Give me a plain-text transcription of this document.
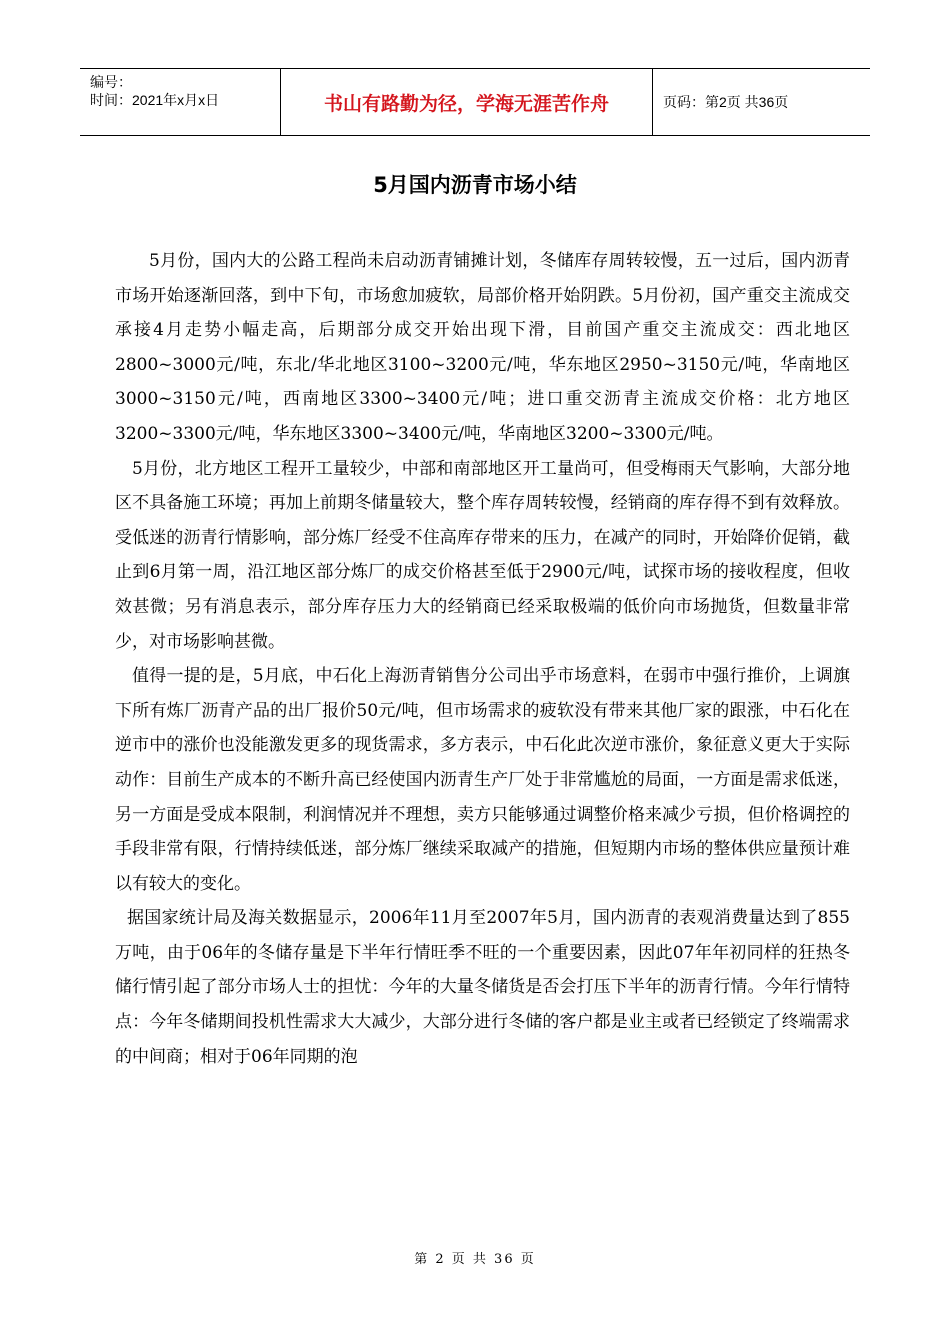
编号：
时间：2021年x月x日	书山有路勤为径，学海无涯苦作舟	页码：第2页 共36页
5月国内沥青市场小结

5月份，国内大的公路工程尚未启动沥青铺摊计划，冬储库存周转较慢，五一过后，国内沥青市场开始逐渐回落，到中下旬，市场愈加疲软，局部价格开始阴跌。5月份初，国产重交主流成交承接4月走势小幅走高，后期部分成交开始出现下滑，目前国产重交主流成交：西北地区2800~3000元/吨，东北/华北地区3100~3200元/吨，华东地区2950~3150元/吨，华南地区3000~3150元/吨，西南地区3300~3400元/吨；进口重交沥青主流成交价格：北方地区3200~3300元/吨，华东地区3300~3400元/吨，华南地区3200~3300元/吨。

5月份，北方地区工程开工量较少，中部和南部地区开工量尚可，但受梅雨天气影响，大部分地区不具备施工环境；再加上前期冬储量较大，整个库存周转较慢，经销商的库存得不到有效释放。受低迷的沥青行情影响，部分炼厂经受不住高库存带来的压力，在减产的同时，开始降价促销，截止到6月第一周，沿江地区部分炼厂的成交价格甚至低于2900元/吨，试探市场的接收程度，但收效甚微；另有消息表示，部分库存压力大的经销商已经采取极端的低价向市场抛货，但数量非常少，对市场影响甚微。

值得一提的是，5月底，中石化上海沥青销售分公司出乎市场意料，在弱市中强行推价，上调旗下所有炼厂沥青产品的出厂报价50元/吨，但市场需求的疲软没有带来其他厂家的跟涨，中石化在逆市中的涨价也没能激发更多的现货需求，多方表示，中石化此次逆市涨价，象征意义更大于实际动作：目前生产成本的不断升高已经使国内沥青生产厂处于非常尴尬的局面，一方面是需求低迷，另一方面是受成本限制，利润情况并不理想，卖方只能够通过调整价格来减少亏损，但价格调控的手段非常有限，行情持续低迷，部分炼厂继续采取减产的措施，但短期内市场的整体供应量预计难以有较大的变化。

据国家统计局及海关数据显示，2006年11月至2007年5月，国内沥青的表观消费量达到了855万吨，由于06年的冬储存量是下半年行情旺季不旺的一个重要因素，因此07年年初同样的狂热冬储行情引起了部分市场人士的担忧：今年的大量冬储货是否会打压下半年的沥青行情。今年行情特点：今年冬储期间投机性需求大大减少，大部分进行冬储的客户都是业主或者已经锁定了终端需求的中间商；相对于06年同期的泡

第 2 页 共 36 页
